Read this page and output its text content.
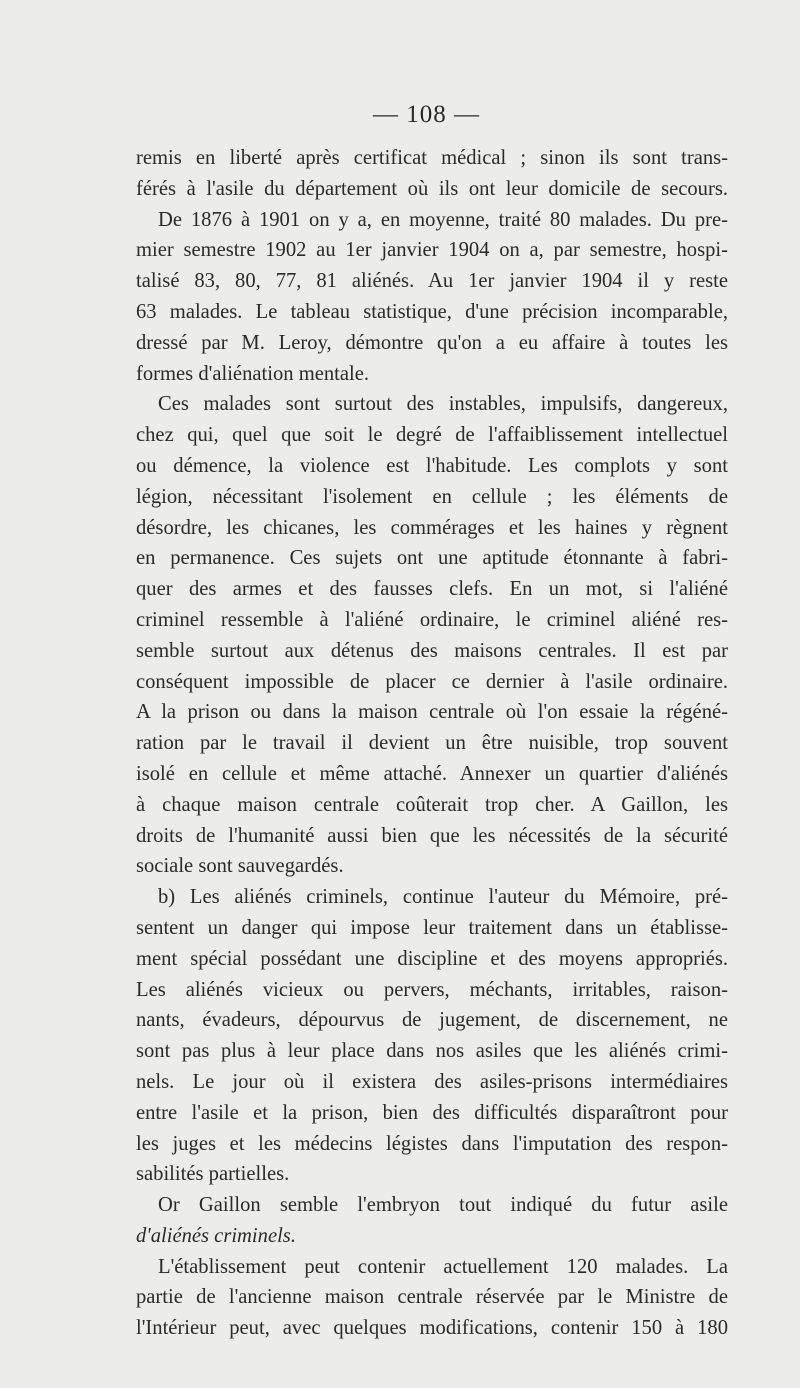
— 108 —
remis en liberté après certificat médical ; sinon ils sont trans-
férés à l'asile du département où ils ont leur domicile de secours.
De 1876 à 1901 on y a, en moyenne, traité 80 malades. Du pre-
mier semestre 1902 au 1er janvier 1904 on a, par semestre, hospi-
talisé 83, 80, 77, 81 aliénés. Au 1er janvier 1904 il y reste
63 malades. Le tableau statistique, d'une précision incomparable,
dressé par M. Leroy, démontre qu'on a eu affaire à toutes les
formes d'aliénation mentale.
Ces malades sont surtout des instables, impulsifs, dangereux,
chez qui, quel que soit le degré de l'affaiblissement intellectuel
ou démence, la violence est l'habitude. Les complots y sont
légion, nécessitant l'isolement en cellule ; les éléments de
désordre, les chicanes, les commérages et les haines y règnent
en permanence. Ces sujets ont une aptitude étonnante à fabri-
quer des armes et des fausses clefs. En un mot, si l'aliéné
criminel ressemble à l'aliéné ordinaire, le criminel aliéné res-
semble surtout aux détenus des maisons centrales. Il est par
conséquent impossible de placer ce dernier à l'asile ordinaire.
A la prison ou dans la maison centrale où l'on essaie la régéné-
ration par le travail il devient un être nuisible, trop souvent
isolé en cellule et même attaché. Annexer un quartier d'aliénés
à chaque maison centrale coûterait trop cher. A Gaillon, les
droits de l'humanité aussi bien que les nécessités de la sécurité
sociale sont sauvegardés.
b) Les aliénés criminels, continue l'auteur du Mémoire, pré-
sentent un danger qui impose leur traitement dans un établisse-
ment spécial possédant une discipline et des moyens appropriés.
Les aliénés vicieux ou pervers, méchants, irritables, raison-
nants, évadeurs, dépourvus de jugement, de discernement, ne
sont pas plus à leur place dans nos asiles que les aliénés crimi-
nels. Le jour où il existera des asiles-prisons intermédiaires
entre l'asile et la prison, bien des difficultés disparaîtront pour
les juges et les médecins légistes dans l'imputation des respon-
sabilités partielles.
Or Gaillon semble l'embryon tout indiqué du futur asile
d'aliénés criminels.
L'établissement peut contenir actuellement 120 malades. La
partie de l'ancienne maison centrale réservée par le Ministre de
l'Intérieur peut, avec quelques modifications, contenir 150 à 180
